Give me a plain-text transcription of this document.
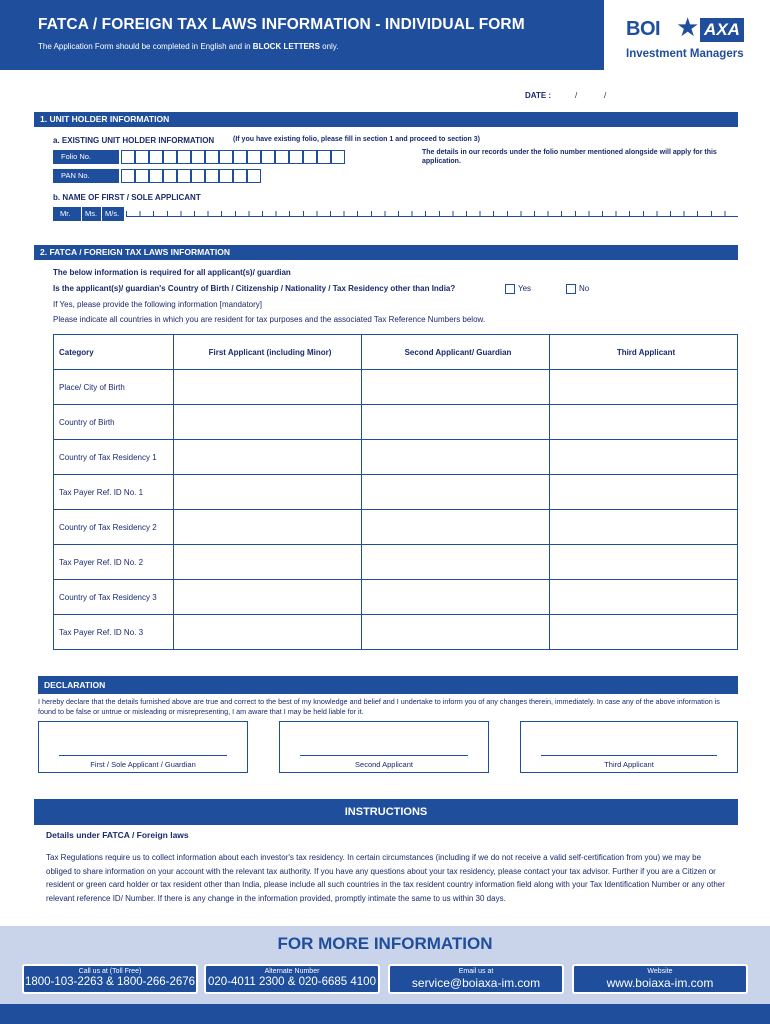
FATCA / FOREIGN TAX LAWS INFORMATION - INDIVIDUAL FORM
The Application Form should be completed in English and in BLOCK LETTERS only.
BOI ★ AXA
Investment Managers
DATE :	/	/
1. UNIT HOLDER INFORMATION
a. EXISTING UNIT HOLDER INFORMATION	(If you have existing folio, please fill in section 1 and proceed to section 3)
Folio No.	The details in our records under the folio number mentioned alongside will apply for this application.
PAN No.
b. NAME OF FIRST / SOLE APPLICANT
Mr.	Ms.	M/s.
2. FATCA / FOREIGN TAX LAWS INFORMATION
The below information is required for all applicant(s)/ guardian
Is the applicant(s)/ guardian's Country of Birth / Citizenship / Nationality / Tax Residency other than India?	Yes	No
If Yes, please provide the following information [mandatory]
Please indicate all countries in which you are resident for tax purposes and the associated Tax Reference Numbers below.
Category	First Applicant (including Minor)	Second Applicant/ Guardian	Third Applicant
Place/ City of Birth			
Country of Birth			
Country of Tax Residency 1			
Tax Payer Ref. ID No. 1			
Country of Tax Residency 2			
Tax Payer Ref. ID No. 2			
Country of Tax Residency 3			
Tax Payer Ref. ID No. 3			
DECLARATION
I hereby declare that the details furnished above are true and correct to the best of my knowledge and belief and I undertake to inform you of any changes therein, immediately. In case any of the above information is found to be false or untrue or misleading or misrepresenting, I am aware that I may be held liable for it.
First / Sole Applicant / Guardian	Second Applicant	Third Applicant
INSTRUCTIONS
Details under FATCA / Foreign laws
Tax Regulations require us to collect information about each investor's tax residency. In certain circumstances (including if we do not receive a valid self-certification from you) we may be obliged to share information on your account with the relevant tax authority. If you have any questions about your tax residency, please contact your tax advisor. Further if you are a Citizen or resident or green card holder or tax resident other than India, please include all such countries in the tax resident country information field along with your Tax Identification Number or any other relevant reference ID/ Number. If there is any change in the information provided, promptly intimate the same to us within 30 days.
FOR MORE INFORMATION
Call us at (Toll Free)
1800-103-2263 & 1800-266-2676
Alternate Number
020-4011 2300 & 020-6685 4100
Email us at
service@boiaxa-im.com
Website
www.boiaxa-im.com
